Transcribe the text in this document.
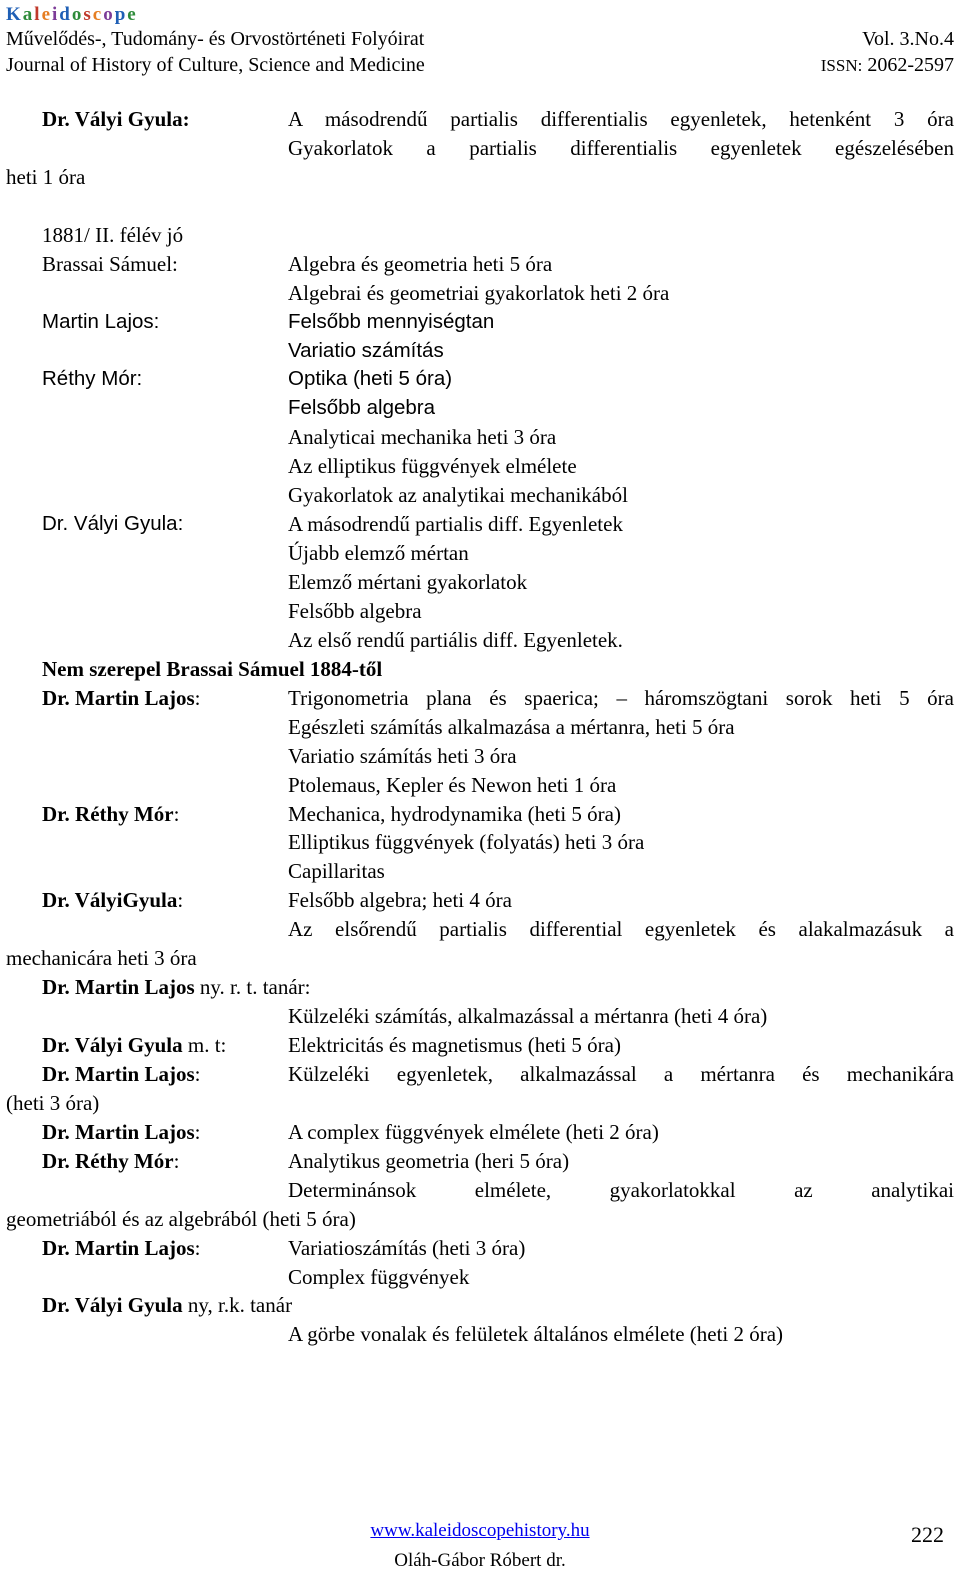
Kaleidoscope
Művelődés-, Tudomány- és Orvostörténeti Folyóirat	Vol. 3.No.4
Journal of History of Culture, Science and Medicine	ISSN: 2062-2597
Dr. Vályi Gyula:	A másodrendű partialis differentialis egyenletek, hetenként 3 óra
Gyakorlatok a partialis differentialis egyenletek egészelésében
heti 1 óra
1881/ II. félév jó
Brassai Sámuel:	Algebra és geometria heti 5 óra
Algebrai és geometriai gyakorlatok heti 2 óra
Martin Lajos:	Felsőbb mennyiségtan
Variatio számítás
Réthy Mór:	Optika (heti 5 óra)
Felsőbb algebra
Analyticai mechanika heti 3 óra
Az elliptikus függvények elmélete
Gyakorlatok az analytikai mechanikából
Dr. Vályi Gyula:	A másodrendű partialis diff. Egyenletek
Újabb elemző mértan
Elemző mértani gyakorlatok
Felsőbb algebra
Az első rendű partiális diff. Egyenletek.
Nem szerepel Brassai Sámuel 1884-től
Dr. Martin Lajos:	Trigonometria plana és spaerica; – háromszögtani sorok heti 5 óra
Egészleti számítás alkalmazása a mértanra, heti 5 óra
Variatio számítás heti 3 óra
Ptolemaus, Kepler és Newon heti 1 óra
Dr. Réthy Mór:	Mechanica, hydrodynamika (heti 5 óra)
Elliptikus függvények (folyatás) heti 3 óra
Capillaritas
Dr. VályiGyula:	Felsőbb algebra; heti 4 óra
Az elsőrendű partialis differential egyenletek és alakalmazásuk a
mechanicára heti 3 óra
Dr. Martin Lajos ny. r. t. tanár:
Külzeléki számítás, alkalmazással a mértanra (heti 4 óra)
Dr. Vályi Gyula m. t:	Elektricitás és magnetismus (heti 5 óra)
Dr. Martin Lajos:	Külzeléki egyenletek, alkalmazással a mértanra és mechanikára
(heti 3 óra)
Dr. Martin Lajos:	A complex függvények elmélete (heti 2 óra)
Dr. Réthy Mór:	Analytikus geometria (heri 5 óra)
Determinánsok elmélete, gyakorlatokkal az analytikai
geometriából és az algebrából (heti 5 óra)
Dr. Martin Lajos:	Variatioszámítás (heti 3 óra)
Complex függvények
Dr. Vályi Gyula ny, r.k. tanár
A görbe vonalak és felületek általános elmélete (heti 2 óra)
www.kaleidoscopehistory.hu
Oláh-Gábor Róbert dr.
222
